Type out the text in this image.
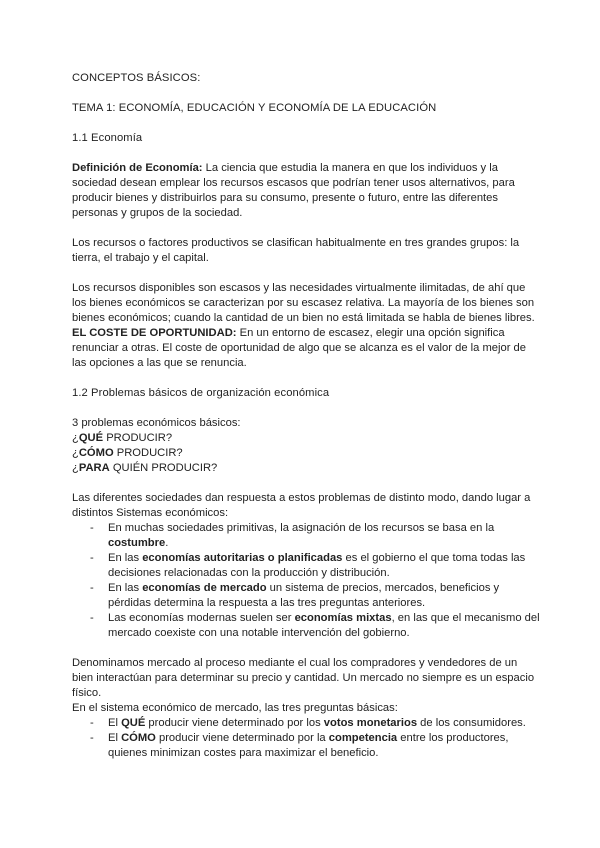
CONCEPTOS BÁSICOS:

TEMA 1: ECONOMÍA, EDUCACIÓN Y ECONOMÍA DE LA EDUCACIÓN

1.1 Economía

Definición de Economía: La ciencia que estudia la manera en que los individuos y la sociedad desean emplear los recursos escasos que podrían tener usos alternativos, para producir bienes y distribuirlos para su consumo, presente o futuro, entre las diferentes personas y grupos de la sociedad.

Los recursos o factores productivos se clasifican habitualmente en tres grandes grupos: la tierra, el trabajo y el capital.

Los recursos disponibles son escasos y las necesidades virtualmente ilimitadas, de ahí que los bienes económicos se caracterizan por su escasez relativa. La mayoría de los bienes son bienes económicos; cuando la cantidad de un bien no está limitada se habla de bienes libres.

EL COSTE DE OPORTUNIDAD: En un entorno de escasez, elegir una opción significa renunciar a otras. El coste de oportunidad de algo que se alcanza es el valor de la mejor de las opciones a las que se renuncia.

1.2 Problemas básicos de organización económica

3 problemas económicos básicos:

¿QUÉ PRODUCIR?

¿CÓMO PRODUCIR?

¿PARA QUIÉN PRODUCIR?

Las diferentes sociedades dan respuesta a estos problemas de distinto modo, dando lugar a distintos Sistemas económicos:

- En muchas sociedades primitivas, la asignación de los recursos se basa en la costumbre.
- En las economías autoritarias o planificadas es el gobierno el que toma todas las decisiones relacionadas con la producción y distribución.
- En las economías de mercado un sistema de precios, mercados, beneficios y pérdidas determina la respuesta a las tres preguntas anteriores.
- Las economías modernas suelen ser economías mixtas, en las que el mecanismo del mercado coexiste con una notable intervención del gobierno.

Denominamos mercado al proceso mediante el cual los compradores y vendedores de un bien interactúan para determinar su precio y cantidad. Un mercado no siempre es un espacio físico.

En el sistema económico de mercado, las tres preguntas básicas:

- El QUÉ producir viene determinado por los votos monetarios de los consumidores.
- El CÓMO producir viene determinado por la competencia entre los productores, quienes minimizan costes para maximizar el beneficio.
